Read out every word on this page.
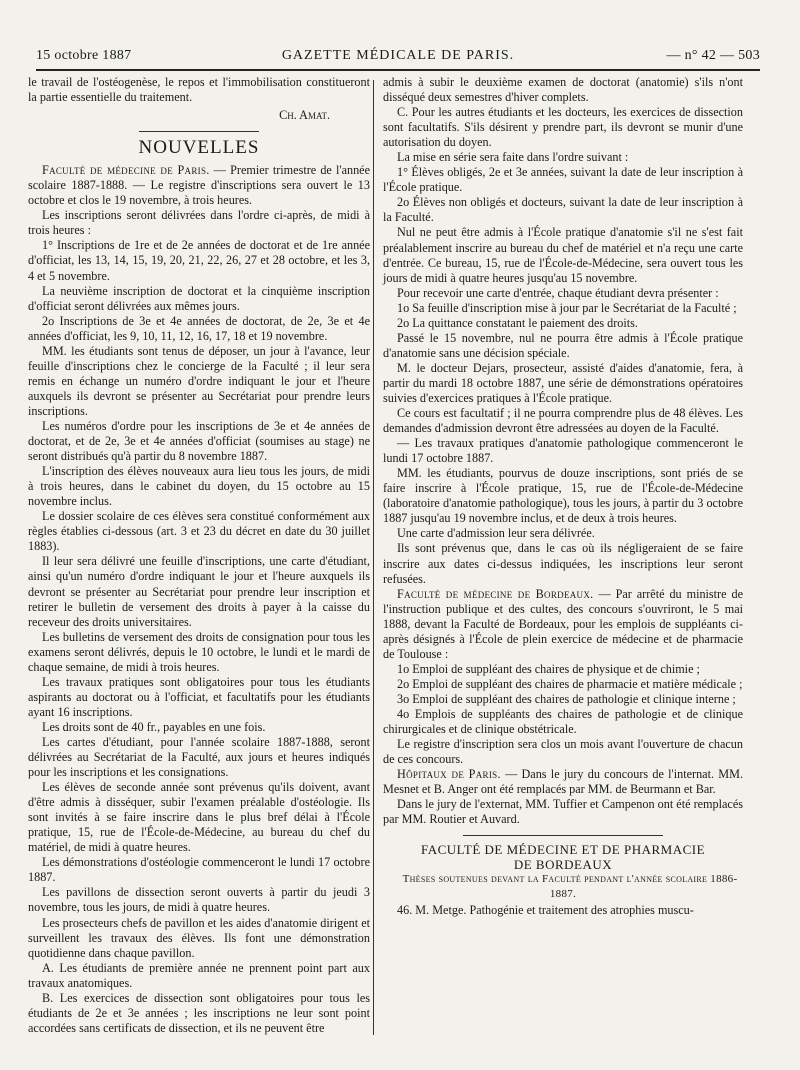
15 octobre 1887	GAZETTE MÉDICALE DE PARIS.	— n° 42 — 503

le travail de l'ostéogenèse, le repos et l'immobilisation constitueront la partie essentielle du traitement.

Ch. Amat.

NOUVELLES

Faculté de médecine de Paris. — Premier trimestre de l'année scolaire 1887-1888. — Le registre d'inscriptions sera ouvert le 13 octobre et clos le 19 novembre, à trois heures.

Les inscriptions seront délivrées dans l'ordre ci-après, de midi à trois heures :

1° Inscriptions de 1re et de 2e années de doctorat et de 1re année d'officiat, les 13, 14, 15, 19, 20, 21, 22, 26, 27 et 28 octobre, et les 3, 4 et 5 novembre.

La neuvième inscription de doctorat et la cinquième inscription d'officiat seront délivrées aux mêmes jours.

2o Inscriptions de 3e et 4e années de doctorat, de 2e, 3e et 4e années d'officiat, les 9, 10, 11, 12, 16, 17, 18 et 19 novembre.

MM. les étudiants sont tenus de déposer, un jour à l'avance, leur feuille d'inscriptions chez le concierge de la Faculté ; il leur sera remis en échange un numéro d'ordre indiquant le jour et l'heure auxquels ils devront se présenter au Secrétariat pour prendre leurs inscriptions.

Les numéros d'ordre pour les inscriptions de 3e et 4e années de doctorat, et de 2e, 3e et 4e années d'officiat (soumises au stage) ne seront distribués qu'à partir du 8 novembre 1887.

L'inscription des élèves nouveaux aura lieu tous les jours, de midi à trois heures, dans le cabinet du doyen, du 15 octobre au 15 novembre inclus.

Le dossier scolaire de ces élèves sera constitué conformément aux règles établies ci-dessous (art. 3 et 23 du décret en date du 30 juillet 1883).

Il leur sera délivré une feuille d'inscriptions, une carte d'étudiant, ainsi qu'un numéro d'ordre indiquant le jour et l'heure auxquels ils devront se présenter au Secrétariat pour prendre leur inscription et retirer le bulletin de versement des droits à payer à la caisse du receveur des droits universitaires.

Les bulletins de versement des droits de consignation pour tous les examens seront délivrés, depuis le 10 octobre, le lundi et le mardi de chaque semaine, de midi à trois heures.

Les travaux pratiques sont obligatoires pour tous les étudiants aspirants au doctorat ou à l'officiat, et facultatifs pour les étudiants ayant 16 inscriptions.

Les droits sont de 40 fr., payables en une fois.

Les cartes d'étudiant, pour l'année scolaire 1887-1888, seront délivrées au Secrétariat de la Faculté, aux jours et heures indiqués pour les inscriptions et les consignations.

Les élèves de seconde année sont prévenus qu'ils doivent, avant d'être admis à disséquer, subir l'examen préalable d'ostéologie. Ils sont invités à se faire inscrire dans le plus bref délai à l'École pratique, 15, rue de l'École-de-Médecine, au bureau du chef du matériel, de midi à quatre heures.

Les démonstrations d'ostéologie commenceront le lundi 17 octobre 1887.

Les pavillons de dissection seront ouverts à partir du jeudi 3 novembre, tous les jours, de midi à quatre heures.

Les prosecteurs chefs de pavillon et les aides d'anatomie dirigent et surveillent les travaux des élèves. Ils font une démonstration quotidienne dans chaque pavillon.

A. Les étudiants de première année ne prennent point part aux travaux anatomiques.

B. Les exercices de dissection sont obligatoires pour tous les étudiants de 2e et 3e années ; les inscriptions ne leur sont point accordées sans certificats de dissection, et ils ne peuvent être

admis à subir le deuxième examen de doctorat (anatomie) s'ils n'ont disséqué deux semestres d'hiver complets.

C. Pour les autres étudiants et les docteurs, les exercices de dissection sont facultatifs. S'ils désirent y prendre part, ils devront se munir d'une autorisation du doyen.

La mise en série sera faite dans l'ordre suivant :

1° Élèves obligés, 2e et 3e années, suivant la date de leur inscription à l'École pratique.

2o Élèves non obligés et docteurs, suivant la date de leur inscription à la Faculté.

Nul ne peut être admis à l'École pratique d'anatomie s'il ne s'est fait préalablement inscrire au bureau du chef de matériel et n'a reçu une carte d'entrée. Ce bureau, 15, rue de l'École-de-Médecine, sera ouvert tous les jours de midi à quatre heures jusqu'au 15 novembre.

Pour recevoir une carte d'entrée, chaque étudiant devra présenter :

1o Sa feuille d'inscription mise à jour par le Secrétariat de la Faculté ;

2o La quittance constatant le paiement des droits.

Passé le 15 novembre, nul ne pourra être admis à l'École pratique d'anatomie sans une décision spéciale.

M. le docteur Dejars, prosecteur, assisté d'aides d'anatomie, fera, à partir du mardi 18 octobre 1887, une série de démonstrations opératoires suivies d'exercices pratiques à l'École pratique.

Ce cours est facultatif ; il ne pourra comprendre plus de 48 élèves. Les demandes d'admission devront être adressées au doyen de la Faculté.

— Les travaux pratiques d'anatomie pathologique commenceront le lundi 17 octobre 1887.

MM. les étudiants, pourvus de douze inscriptions, sont priés de se faire inscrire à l'École pratique, 15, rue de l'École-de-Médecine (laboratoire d'anatomie pathologique), tous les jours, à partir du 3 octobre 1887 jusqu'au 19 novembre inclus, et de deux à trois heures.

Une carte d'admission leur sera délivrée.

Ils sont prévenus que, dans le cas où ils négligeraient de se faire inscrire aux dates ci-dessus indiquées, les inscriptions leur seront refusées.

Faculté de médecine de Bordeaux. — Par arrêté du ministre de l'instruction publique et des cultes, des concours s'ouvriront, le 5 mai 1888, devant la Faculté de Bordeaux, pour les emplois de suppléants ci-après désignés à l'École de plein exercice de médecine et de pharmacie de Toulouse :

1o Emploi de suppléant des chaires de physique et de chimie ;

2o Emploi de suppléant des chaires de pharmacie et matière médicale ;

3o Emploi de suppléant des chaires de pathologie et clinique interne ;

4o Emplois de suppléants des chaires de pathologie et de clinique chirurgicales et de clinique obstétricale.

Le registre d'inscription sera clos un mois avant l'ouverture de chacun de ces concours.

Hôpitaux de Paris. — Dans le jury du concours de l'internat. MM. Mesnet et B. Anger ont été remplacés par MM. de Beurmann et Bar.

Dans le jury de l'externat, MM. Tuffier et Campenon ont été remplacés par MM. Routier et Auvard.

FACULTÉ DE MÉDECINE ET DE PHARMACIE
DE BORDEAUX

Thèses soutenues devant la Faculté pendant l'année scolaire 1886-1887.

46. M. Metge. Pathogénie et traitement des atrophies muscu-
